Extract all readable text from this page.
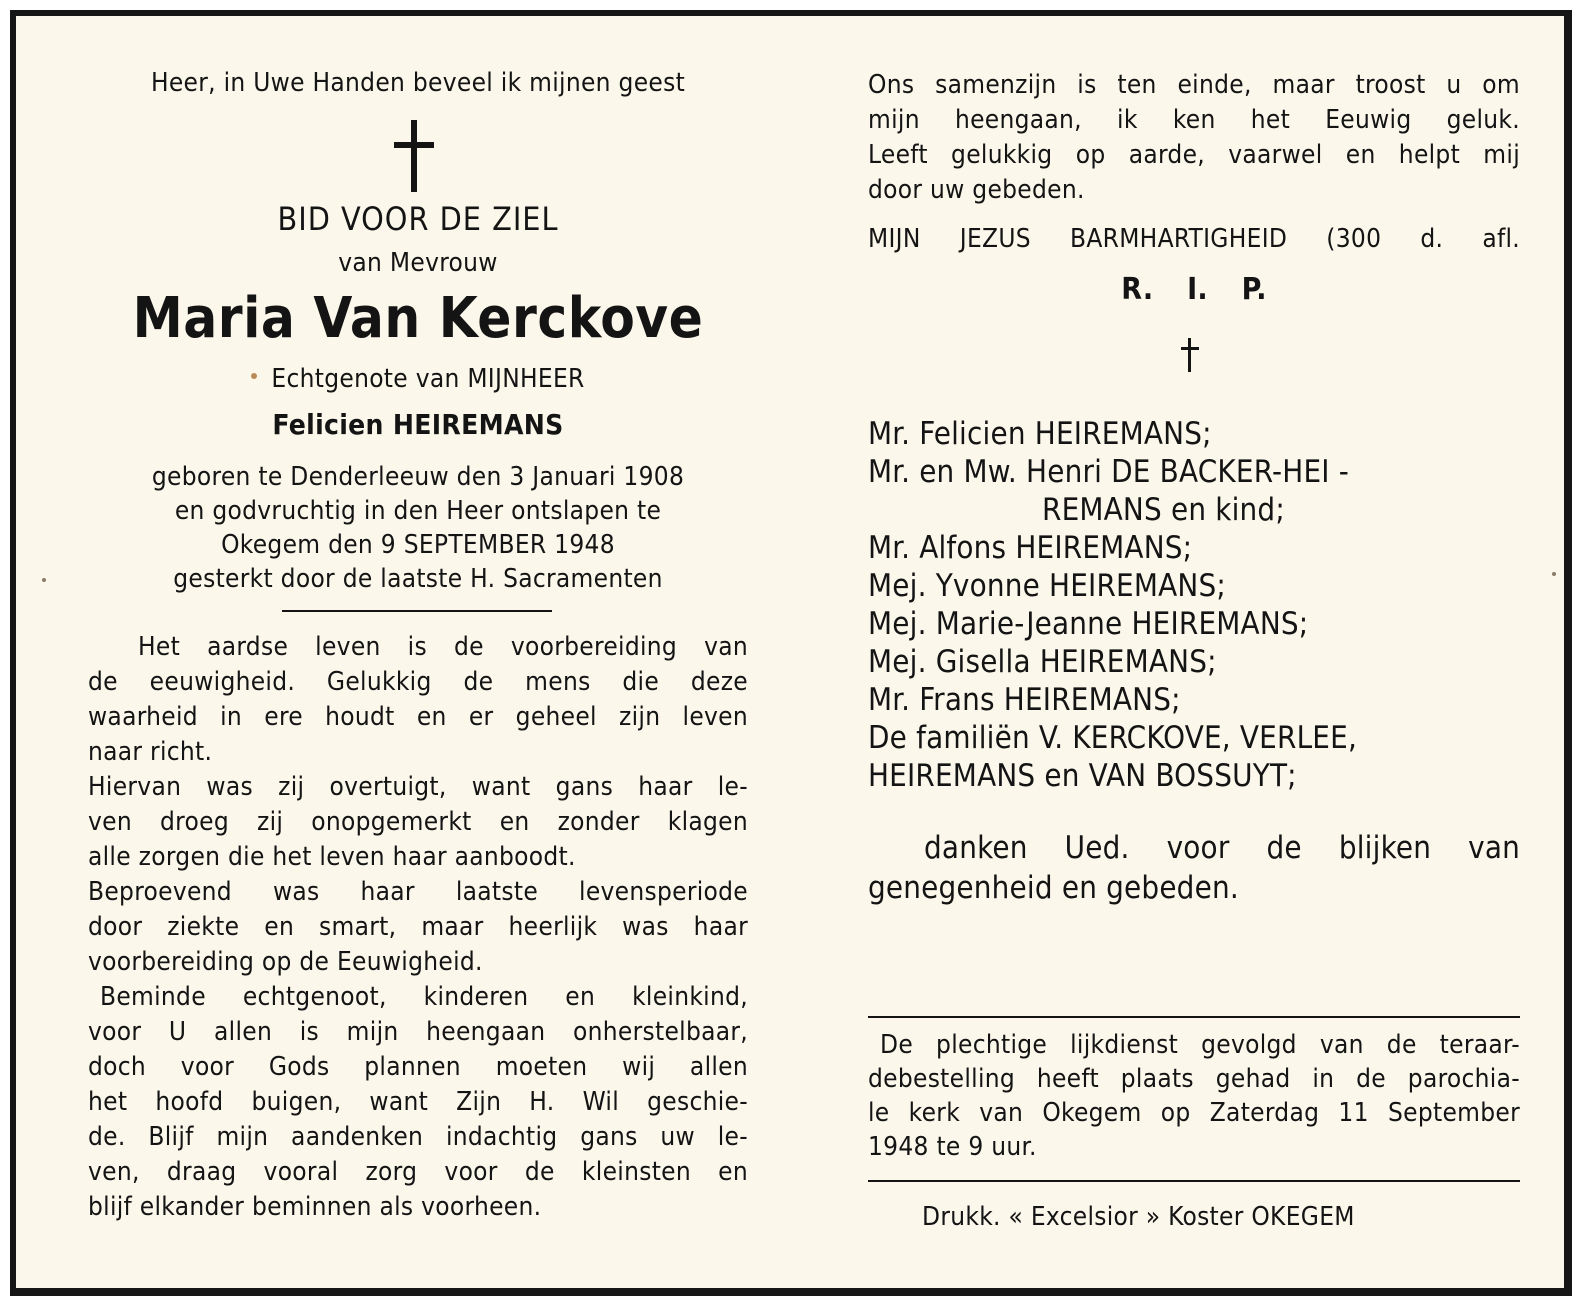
Heer, in Uwe Handen beveel ik mijnen geest
BID VOOR DE ZIEL
van Mevrouw
Maria Van Kerckove
Echtgenote van MIJNHEER
Felicien HEIREMANS
geboren te Denderleeuw den 3 Januari 1908
en godvruchtig in den Heer ontslapen te
Okegem den 9 SEPTEMBER 1948
gesterkt door de laatste H. Sacramenten
Het aardse leven is de voorbereiding van
de eeuwigheid. Gelukkig de mens die deze
waarheid in ere houdt en er geheel zijn leven
naar richt.
Hiervan was zij overtuigt, want gans haar le-
ven droeg zij onopgemerkt en zonder klagen
alle zorgen die het leven haar aanboodt.
Beproevend was haar laatste levensperiode
door ziekte en smart, maar heerlijk was haar
voorbereiding op de Eeuwigheid.
Beminde echtgenoot, kinderen en kleinkind,
voor U allen is mijn heengaan onherstelbaar,
doch voor Gods plannen moeten wij allen
het hoofd buigen, want Zijn H. Wil geschie-
de. Blijf mijn aandenken indachtig gans uw le-
ven, draag vooral zorg voor de kleinsten en
blijf elkander beminnen als voorheen.
Ons samenzijn is ten einde, maar troost u om
mijn heengaan, ik ken het Eeuwig geluk.
Leeft gelukkig op aarde, vaarwel en helpt mij
door uw gebeden.
MIJN JEZUS BARMHARTIGHEID (300 d. afl.
R. I. P.
Mr. Felicien HEIREMANS;
Mr. en Mw. Henri DE BACKER-HEI -
REMANS en kind;
Mr. Alfons HEIREMANS;
Mej. Yvonne HEIREMANS;
Mej. Marie-Jeanne HEIREMANS;
Mej. Gisella HEIREMANS;
Mr. Frans HEIREMANS;
De familiën V. KERCKOVE, VERLEE,
HEIREMANS en VAN BOSSUYT;
danken Ued. voor de blijken van
genegenheid en gebeden.
De plechtige lijkdienst gevolgd van de teraar-
debestelling heeft plaats gehad in de parochia-
le kerk van Okegem op Zaterdag 11 September
1948 te 9 uur.
Drukk. « Excelsior » Koster OKEGEM
